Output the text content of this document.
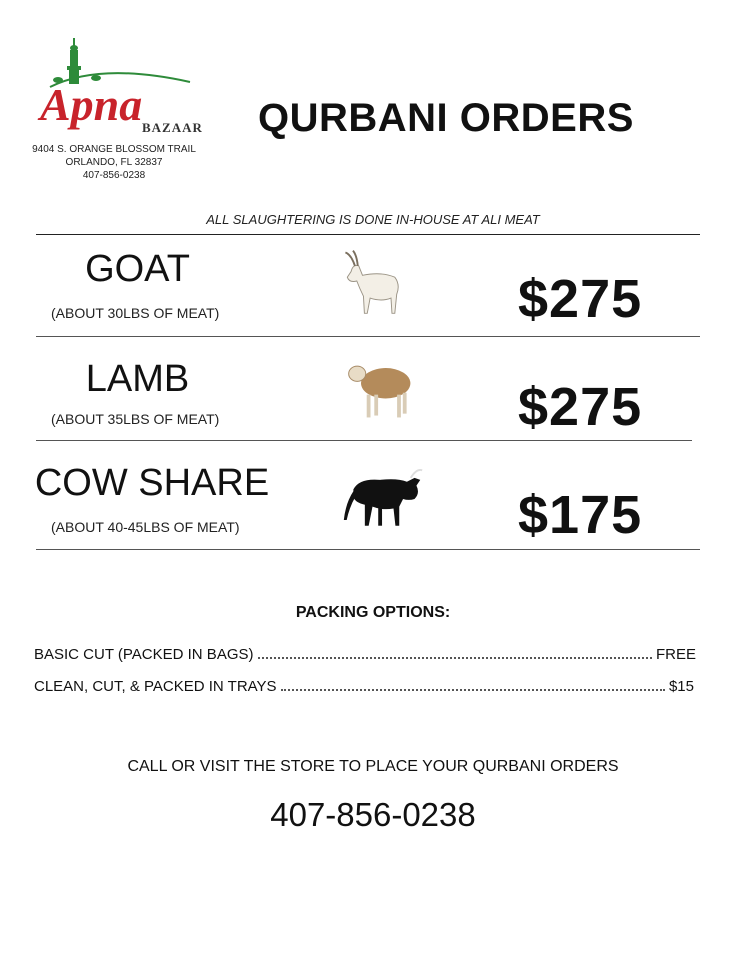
Apna BAZAAR
9404 S. ORANGE BLOSSOM TRAIL
ORLANDO, FL 32837
407-856-0238
QURBANI ORDERS
ALL SLAUGHTERING IS DONE IN-HOUSE AT ALI MEAT
GOAT
(ABOUT 30LBS OF MEAT)	$275
LAMB
(ABOUT 35LBS OF MEAT)	$275
COW SHARE
(ABOUT 40-45LBS OF MEAT)	$175
PACKING OPTIONS:
BASIC CUT (PACKED IN BAGS)	FREE
CLEAN, CUT, & PACKED IN TRAYS	$15
CALL OR VISIT THE STORE TO PLACE YOUR QURBANI ORDERS
407-856-0238
